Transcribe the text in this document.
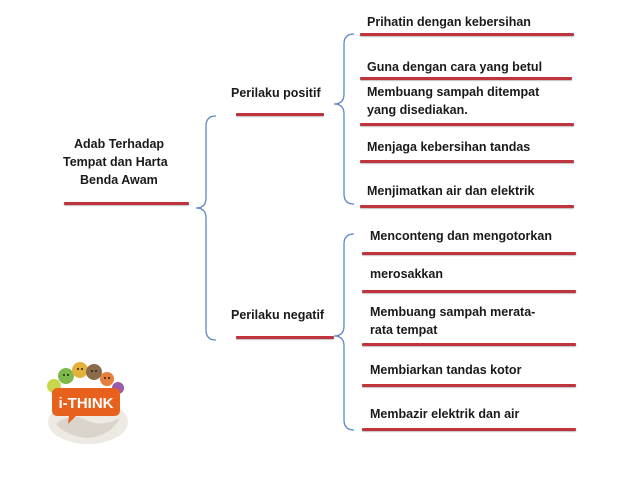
Adab Terhadap
Tempat dan Harta
Benda Awam
Perilaku positif
Prihatin dengan kebersihan
Guna dengan cara yang betul
Membuang sampah ditempat
yang disediakan.
Menjaga kebersihan tandas
Menjimatkan air dan elektrik
Perilaku negatif
Menconteng dan mengotorkan
merosakkan
Membuang sampah merata-
rata tempat
Membiarkan tandas kotor
Membazir elektrik dan air
i-THINK
